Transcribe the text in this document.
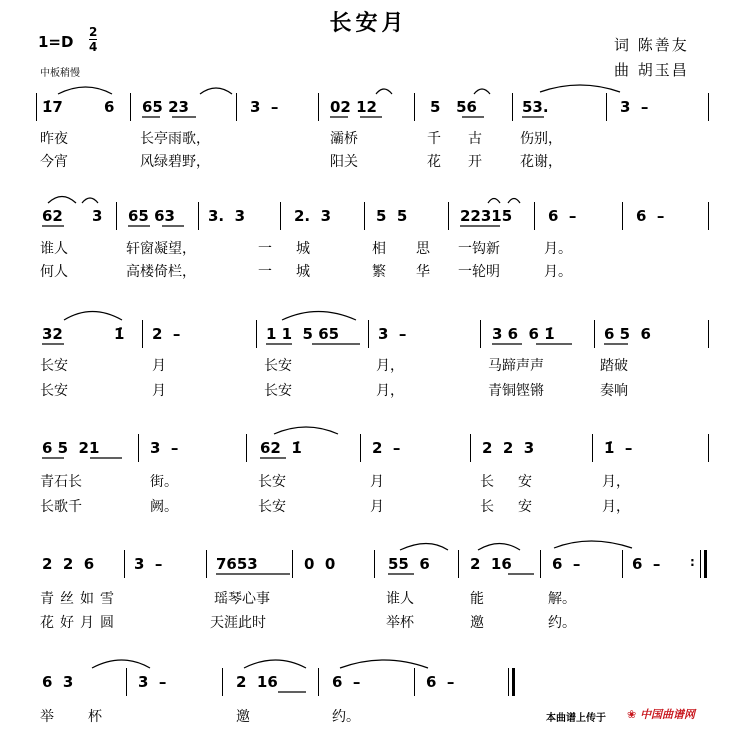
长安月
1=D
2
4
中板稍慢
词 陈善友
曲 胡玉昌
1̇7	6 65 23	3  –	02 12	5   56	53.	3  –
昨夜	长亭雨歌，	灞桥	千 古	伤别，
今宵	风绿碧野，	阳关	花 开	花谢，
62 3 65 63 3.  3	2.  3	5  5	22315 6  –	6  –
谁人	轩窗凝望，	一 城	相 思 一钩新	月。
何人	高楼倚栏，	一 城	繁 华 一轮明	月。
32	1̇ 2  –	1 1  5 65	3  –	3 6  6 1̇	6 5  6
长安	月	长安	月，	马蹄声声	踏破
长安	月	长安	月，	青铜铿锵	奏响
6 5  21	3  –	62  1̇	2  –	2  2  3	1̇  –
青石长	街。	长安	月	长 安	月，
长歌千	阙。	长安	月	长 安	月，
2  2  6	3  –	7653	0  0	55  6	2  16	6  –	6  –
青丝如雪	瑶琴心事	谁人	能	解。
花好月圆	天涯此时	举杯	邀	约。
:
6  3	3  –	2  16	6  –	6  –
举 杯	邀	约。	本曲谱上传于 ❀ 中国曲谱网
